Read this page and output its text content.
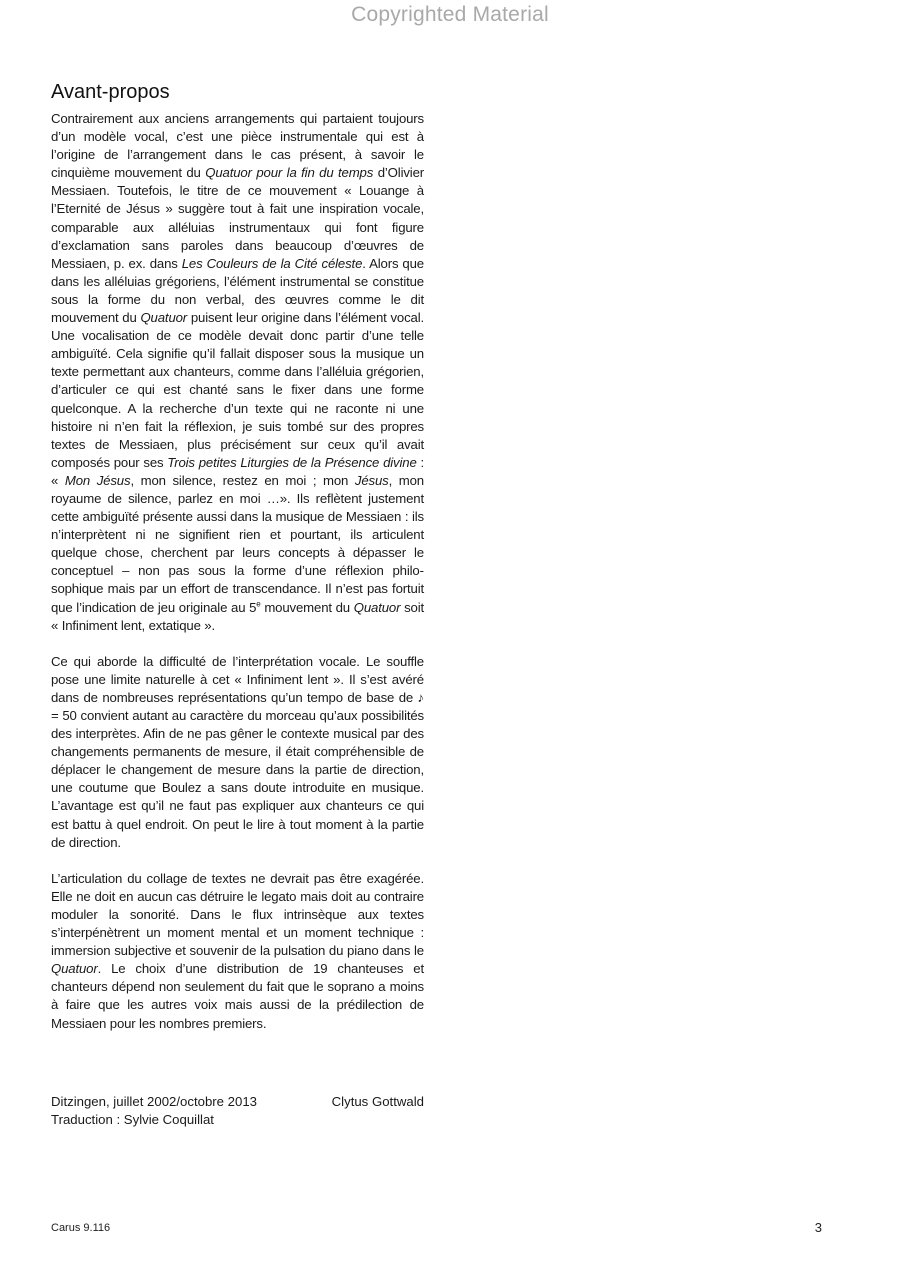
Copyrighted Material
Avant-propos

Contrairement aux anciens arrangements qui partaient toujours d’un modèle vocal, c’est une pièce instrumentale qui est à l’origine de l’arrangement dans le cas présent, à savoir le cinquième mouvement du Quatuor pour la fin du temps d’Olivier Messiaen. Toutefois, le titre de ce mouvement « Louange à l’Eternité de Jésus » suggère tout à fait une inspiration vocale, comparable aux alléluias instrumentaux qui font figure d’exclamation sans paroles dans beaucoup d’œuvres de Messiaen, p. ex. dans Les Couleurs de la Cité céleste. Alors que dans les alléluias grégoriens, l’élément instrumental se constitue sous la forme du non verbal, des œuvres comme le dit mouvement du Quatuor puisent leur origine dans l’élément vocal. Une vocalisation de ce modèle devait donc partir d’une telle ambiguïté. Cela signifie qu’il fallait disposer sous la musique un texte permettant aux chanteurs, comme dans l’alléluia grégorien, d’articuler ce qui est chanté sans le fixer dans une forme quelconque. A la recherche d’un texte qui ne raconte ni une histoire ni n’en fait la réflexion, je suis tombé sur des propres textes de Messiaen, plus précisément sur ceux qu’il avait composés pour ses Trois petites Liturgies de la Présence divine : « Mon Jésus, mon silence, restez en moi ; mon Jésus, mon royaume de silence, parlez en moi …». Ils reflètent justement cette ambiguïté présente aussi dans la musique de Messiaen : ils n’interprètent ni ne signifient rien et pourtant, ils articulent quelque chose, cherchent par leurs concepts à dépasser le conceptuel – non pas sous la forme d’une réflexion philosophique mais par un effort de transcendance. Il n’est pas fortuit que l’indication de jeu originale au 5e mouvement du Quatuor soit « Infiniment lent, extatique ».

Ce qui aborde la difficulté de l’interprétation vocale. Le souffle pose une limite naturelle à cet « Infiniment lent ». Il s’est avéré dans de nombreuses représentations qu’un tempo de base de ♪ = 50 convient autant au caractère du morceau qu’aux possibilités des interprètes. Afin de ne pas gêner le contexte musical par des changements permanents de mesure, il était compréhensible de déplacer le changement de mesure dans la partie de direction, une coutume que Boulez a sans doute introduite en musique. L’avantage est qu’il ne faut pas expliquer aux chanteurs ce qui est battu à quel endroit. On peut le lire à tout moment à la partie de direction.

L’articulation du collage de textes ne devrait pas être exagérée. Elle ne doit en aucun cas détruire le legato mais doit au contraire moduler la sonorité. Dans le flux intrinsèque aux textes s’interpénètrent un moment mental et un moment technique : immersion subjective et souvenir de la pulsation du piano dans le Quatuor. Le choix d’une distribution de 19 chanteuses et chanteurs dépend non seulement du fait que le soprano a moins à faire que les autres voix mais aussi de la prédilection de Messiaen pour les nombres premiers.

Ditzingen, juillet 2002/octobre 2013	Clytus Gottwald
Traduction : Sylvie Coquillat
Carus 9.116	3
